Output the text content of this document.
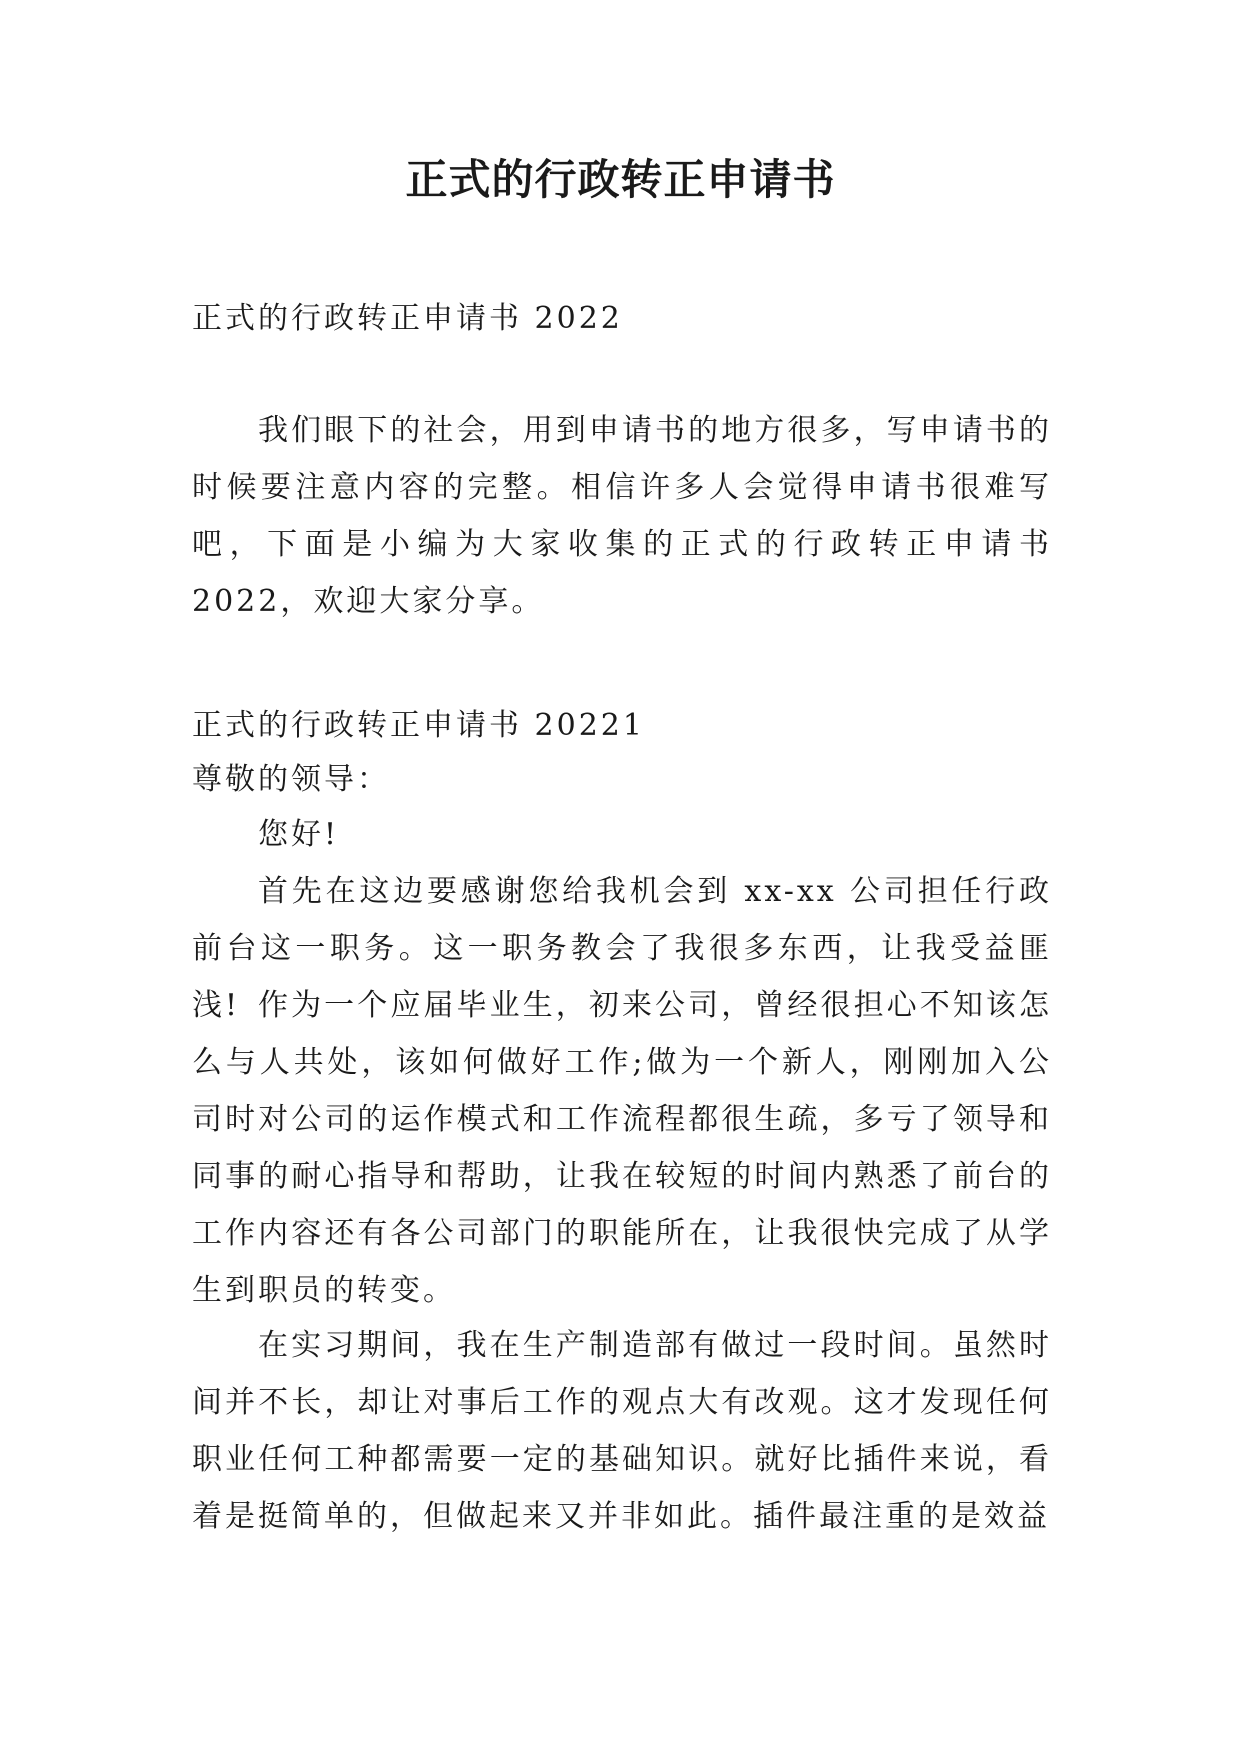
正式的行政转正申请书

正式的行政转正申请书 2022

我们眼下的社会，用到申请书的地方很多，写申请书的时候要注意内容的完整。相信许多人会觉得申请书很难写吧，下面是小编为大家收集的正式的行政转正申请书 2022，欢迎大家分享。

正式的行政转正申请书 20221

尊敬的领导：

您好!

首先在这边要感谢您给我机会到 xx-xx 公司担任行政前台这一职务。这一职务教会了我很多东西，让我受益匪浅! 作为一个应届毕业生，初来公司，曾经很担心不知该怎么与人共处，该如何做好工作;做为一个新人，刚刚加入公司时对公司的运作模式和工作流程都很生疏，多亏了领导和同事的耐心指导和帮助，让我在较短的时间内熟悉了前台的工作内容还有各公司部门的职能所在，让我很快完成了从学生到职员的转变。

在实习期间，我在生产制造部有做过一段时间。虽然时间并不长，却让对事后工作的观点大有改观。这才发现任何职业任何工种都需要一定的基础知识。就好比插件来说，看着是挺简单的，但做起来又并非如此。插件最注重的是效益
